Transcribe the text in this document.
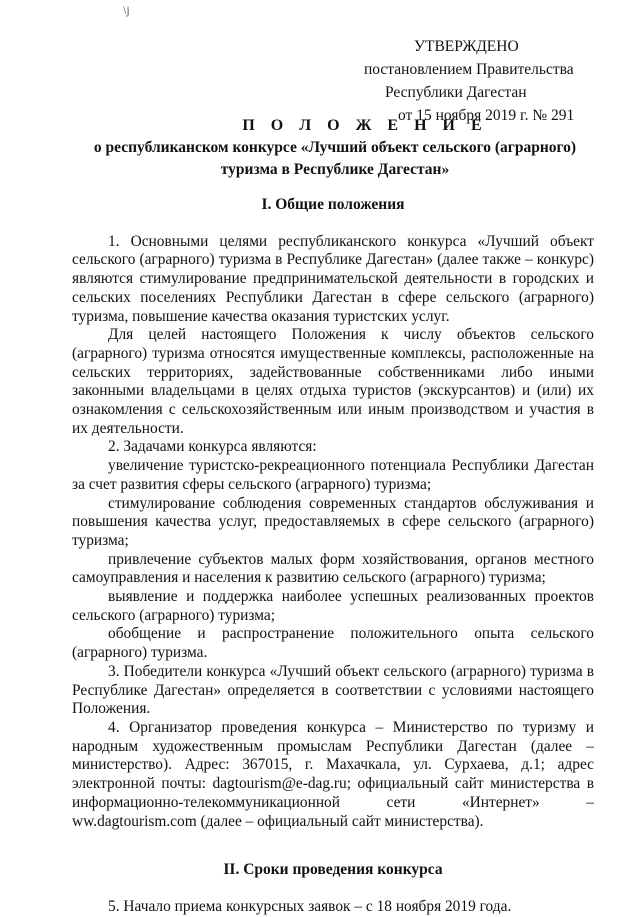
\j
УТВЕРЖДЕНО
постановлением Правительства
Республики Дагестан
от 15 ноября 2019 г. № 291
П О Л О Ж Е Н И Е
о республиканском конкурсе «Лучший объект сельского (аграрного)
туризма в Республике Дагестан»
I. Общие положения

1. Основными целями республиканского конкурса «Лучший объект сельского (аграрного) туризма в Республике Дагестан» (далее также – конкурс) являются стимулирование предпринимательской деятельности в городских и сельских поселениях Республики Дагестан в сфере сельского (аграрного) туризма, повышение качества оказания туристских услуг.

Для целей настоящего Положения к числу объектов сельского (аграрного) туризма относятся имущественные комплексы, расположенные на сельских территориях, задействованные собственниками либо иными законными владельцами в целях отдыха туристов (экскурсантов) и (или) их ознакомления с сельскохозяйственным или иным производством и участия в их деятельности.

2. Задачами конкурса являются:

увеличение туристско-рекреационного потенциала Республики Дагестан за счет развития сферы сельского (аграрного) туризма;

стимулирование соблюдения современных стандартов обслуживания и повышения качества услуг, предоставляемых в сфере сельского (аграрного) туризма;

привлечение субъектов малых форм хозяйствования, органов местного самоуправления и населения к развитию сельского (аграрного) туризма;

выявление и поддержка наиболее успешных реализованных проектов сельского (аграрного) туризма;

обобщение и распространение положительного опыта сельского (аграрного) туризма.

3. Победители конкурса «Лучший объект сельского (аграрного) туризма в Республике Дагестан» определяется в соответствии с условиями настоящего Положения.

4. Организатор проведения конкурса – Министерство по туризму и народным художественным промыслам Республики Дагестан (далее – министерство). Адрес: 367015, г. Махачкала, ул. Сурхаева, д.1; адрес электронной почты: dagtourism@e-dag.ru; официальный сайт министерства в информационно-телекоммуникационной сети «Интернет» – ww.dagtourism.com (далее – официальный сайт министерства).

II. Сроки проведения конкурса

5. Начало приема конкурсных заявок – с 18 ноября 2019 года.
